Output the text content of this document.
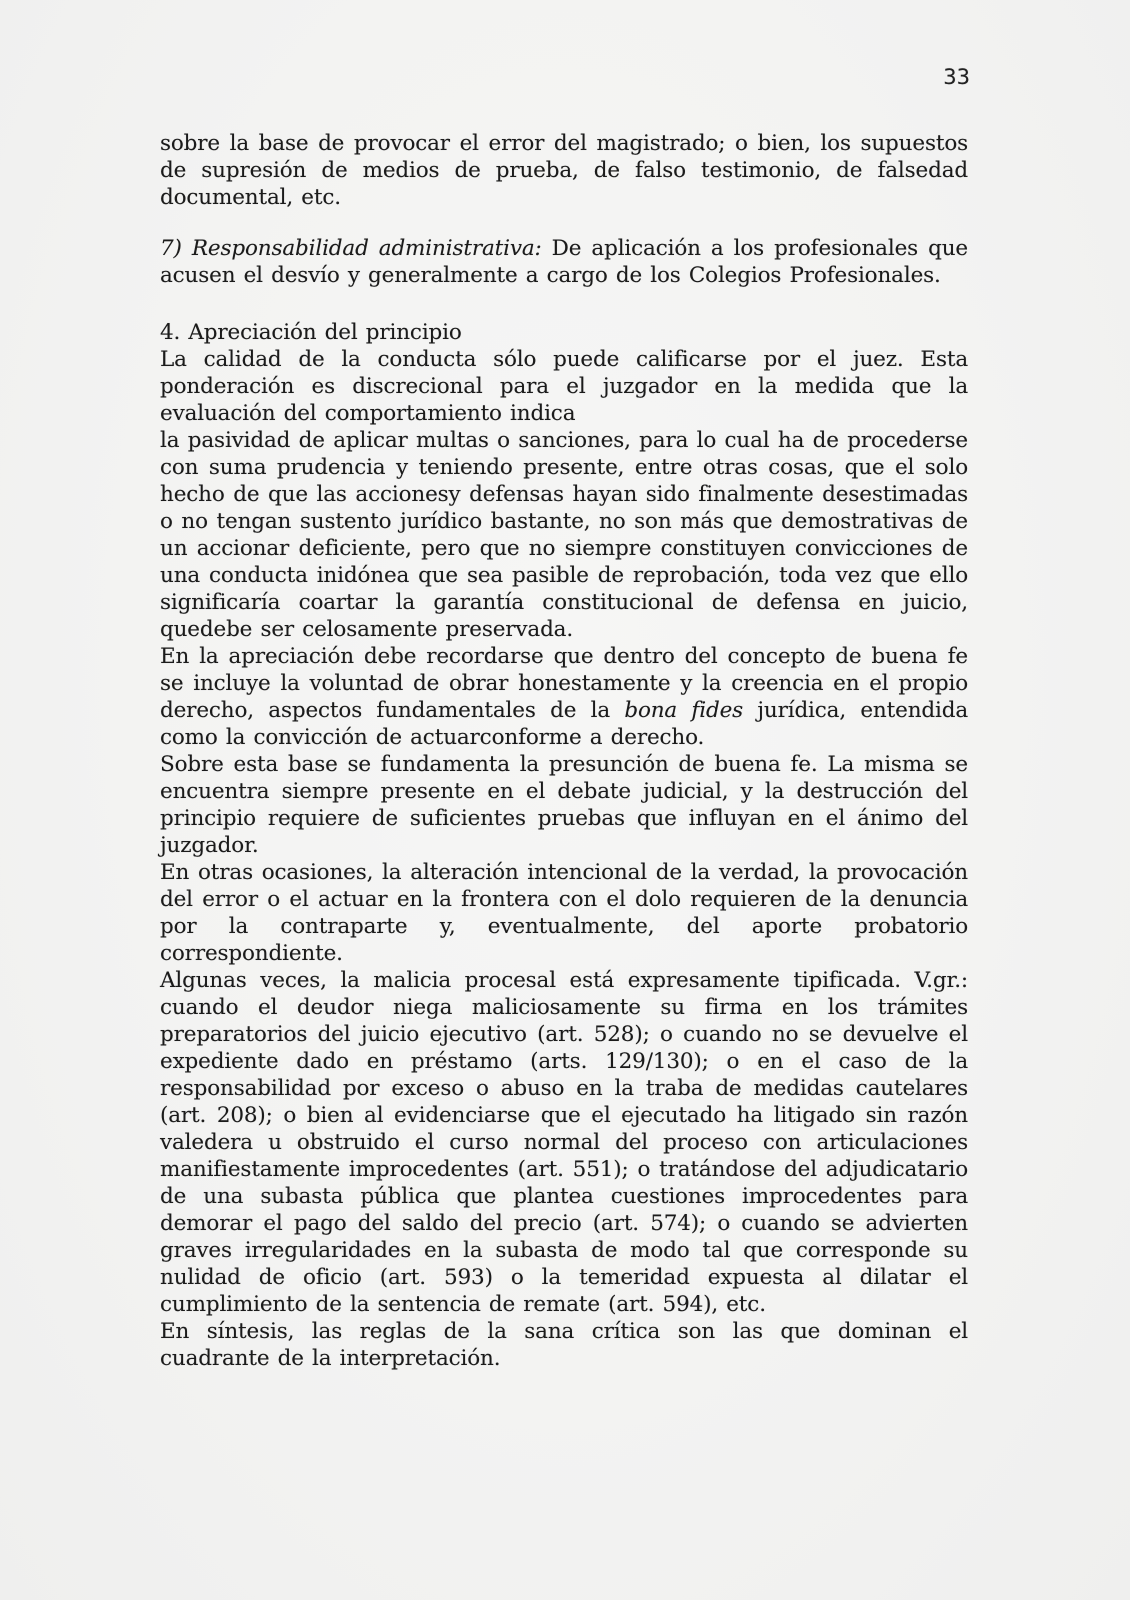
33

sobre la base de provocar el error del magistrado; o bien, los supuestos de supresión de medios de prueba, de falso testimonio, de falsedad documental, etc.

7) Responsabilidad administrativa: De aplicación a los profesionales que acusen el desvío y generalmente a cargo de los Colegios Profesionales.

4. Apreciación del principio

La calidad de la conducta sólo puede calificarse por el juez. Esta ponderación es discrecional para el juzgador en la medida que la evaluación del comportamiento indica

la pasividad de aplicar multas o sanciones, para lo cual ha de procederse con suma prudencia y teniendo presente, entre otras cosas, que el solo hecho de que las accionesy defensas hayan sido finalmente desestimadas o no tengan sustento jurídico bastante, no son más que demostrativas de un accionar deficiente, pero que no siempre constituyen convicciones de una conducta inidónea que sea pasible de reprobación, toda vez que ello significaría coartar la garantía constitucional de defensa en juicio, quedebe ser celosamente preservada.

En la apreciación debe recordarse que dentro del concepto de buena fe se incluye la voluntad de obrar honestamente y la creencia en el propio derecho, aspectos fundamentales de la bona fides jurídica, entendida como la convicción de actuarconforme a derecho.

Sobre esta base se fundamenta la presunción de buena fe. La misma se encuentra siempre presente en el debate judicial, y la destrucción del principio requiere de suficientes pruebas que influyan en el ánimo del juzgador.

En otras ocasiones, la alteración intencional de la verdad, la provocación del error o el actuar en la frontera con el dolo requieren de la denuncia por la contraparte y, eventualmente, del aporte probatorio correspondiente.

Algunas veces, la malicia procesal está expresamente tipificada. V.gr.: cuando el deudor niega maliciosamente su firma en los trámites preparatorios del juicio ejecutivo (art. 528); o cuando no se devuelve el expediente dado en préstamo (arts. 129/130); o en el caso de la responsabilidad por exceso o abuso en la traba de medidas cautelares (art. 208); o bien al evidenciarse que el ejecutado ha litigado sin razón valedera u obstruido el curso normal del proceso con articulaciones manifiestamente improcedentes (art. 551); o tratándose del adjudicatario de una subasta pública que plantea cuestiones improcedentes para demorar el pago del saldo del precio (art. 574); o cuando se advierten graves irregularidades en la subasta de modo tal que corresponde su nulidad de oficio (art. 593) o la temeridad expuesta al dilatar el cumplimiento de la sentencia de remate (art. 594), etc.

En síntesis, las reglas de la sana crítica son las que dominan el cuadrante de la interpretación.
